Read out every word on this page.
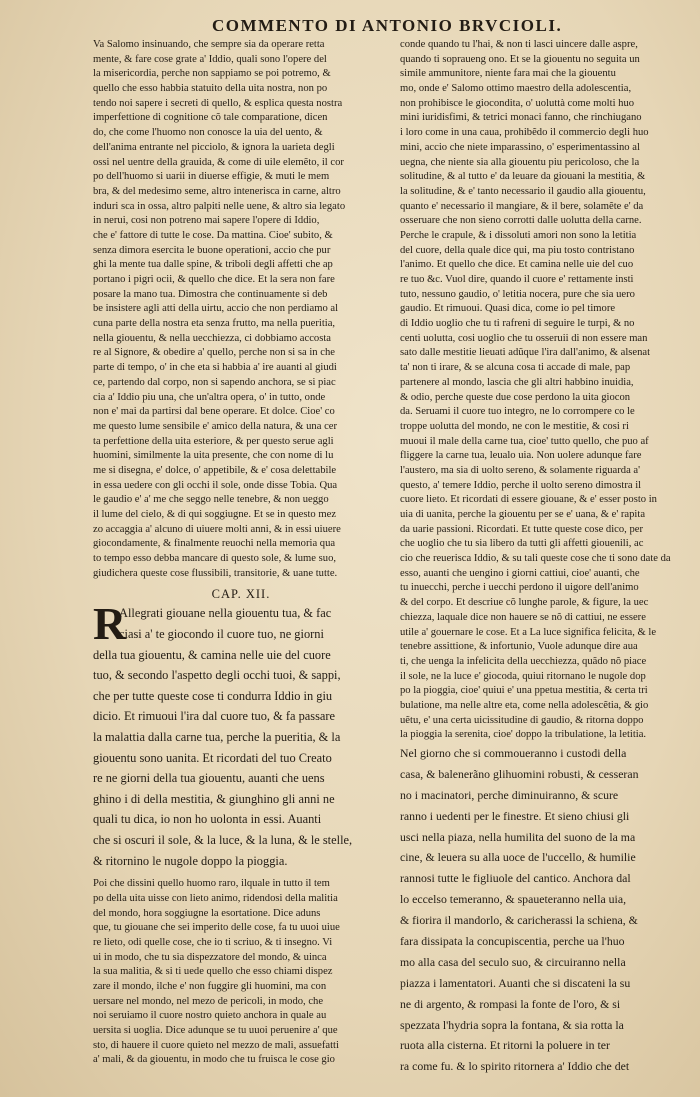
COMMENTO DI ANTONIO BRVCIOLI.
Va Salomo insinuando, che sempre sia da operare retta
mente, & fare cose grate a' Iddio, quali sono l'opere del
la misericordia, perche non sappiamo se poi potremo, &
quello che esso habbia statuito della uita nostra, non po
tendo noi sapere i secreti di quello, & esplica questa nostra
imperfettione di cognitione cõ tale comparatione, dicen
do, che come l'huomo non conosce la uia del uento, &
dell'anima entrante nel picciolo, & ignora la uarieta degli
ossi nel uentre della grauida, & come di uile elemẽto, il cor
po dell'huomo si uarii in diuerse effigie, & muti le mem
bra, & del medesimo seme, altro intenerisca in carne, altro
induri sca in ossa, altro palpiti nelle uene, & altro sia legato
in nerui, cosi non potreno mai sapere l'opere di Iddio,
che e' fattore di tutte le cose. Da mattina. Cioe' subito, &
senza dimora esercita le buone operationi, accio che pur
ghi la mente tua dalle spine, & triboli degli affetti che ap
portano i pigri ocii, & quello che dice. Et la sera non fare
posare la mano tua. Dimostra che continuamente si deb
be insistere agli atti della uirtu, accio che non perdiamo al
cuna parte della nostra eta senza frutto, ma nella pueritia,
nella giouentu, & nella uecchiezza, ci dobbiamo accosta
re al Signore, & obedire a' quello, perche non si sa in che
parte di tempo, o' in che eta si habbia a' ire auanti al giudi
ce, partendo dal corpo, non si sapendo anchora, se si piac
cia a' Iddio piu una, che un'altra opera, o' in tutto, onde
non e' mai da partirsi dal bene operare. Et dolce. Cioe' co
me questo lume sensibile e' amico della natura, & una cer
ta perfettione della uita esteriore, & per questo serue agli
huomini, similmente la uita presente, che con nome di lu
me si disegna, e' dolce, o' appetibile, & e' cosa delettabile
in essa uedere con gli occhi il sole, onde disse Tobia. Qua
le gaudio e' a' me che seggo nelle tenebre, & non ueggo
il lume del cielo, & di qui soggiugne. Et se in questo mez
zo accaggia a' alcuno di uiuere molti anni, & in essi uiuere
giocondamente, & finalmente reuochi nella memoria qua
to tempo esso debba mancare di questo sole, & lume suo,
giudichera queste cose flussibili, transitorie, & uane tutte.
CAP. XII.
R
Allegrati giouane nella giouentu tua, & fac
ciasi a' te giocondo il cuore tuo, ne giorni
della tua giouentu, & camina nelle uie del cuore
tuo, & secondo l'aspetto degli occhi tuoi, & sappi,
che per tutte queste cose ti condurra Iddio in giu
dicio. Et rimuoui l'ira dal cuore tuo, & fa passare
la malattia dalla carne tua, perche la pueritia, & la
giouentu sono uanita. Et ricordati del tuo Creato
re ne giorni della tua giouentu, auanti che uens
ghino i di della mestitia, & giunghino gli anni ne
quali tu dica, io non ho uolonta in essi. Auanti
che si oscuri il sole, & la luce, & la luna, & le stelle,
& ritornino le nugole doppo la pioggia.
Poi che dissini quello huomo raro, ilquale in tutto il tem
po della uita uisse con lieto animo, ridendosi della malitia
del mondo, hora soggiugne la esortatione. Dice aduns
que, tu giouane che sei imperito delle cose, fa tu uuoi uiue
re lieto, odi quelle cose, che io ti scriuo, & ti insegno. Vi
ui in modo, che tu sia dispezzatore del mondo, & uinca
la sua malitia, & si ti uede quello che esso chiami dispez
zare il mondo, ilche e' non fuggire gli huomini, ma con
uersare nel mondo, nel mezo de pericoli, in modo, che
noi seruiamo il cuore nostro quieto anchora in quale au
uersita si uoglia. Dice adunque se tu uuoi peruenire a' que
sto, di hauere il cuore quieto nel mezzo de mali, assuefatti
a' mali, & da giouentu, in modo che tu fruisca le cose gio
conde quando tu l'hai, & non ti lasci uincere dalle aspre,
quando ti sopraueng ono. Et se la giouentu no seguita un
simile ammunitore, niente fara mai che la giouentu
mo, onde e' Salomo ottimo maestro della adolescentia,
non prohibisce le giocondita, o' uoluttà come molti huo
mini iuridisfimi, & tetrici monaci fanno, che rinchiugano
i loro come in una caua, prohibẽdo il commercio degli huo
mini, accio che niete imparassino, o' esperimentassino al
uegna, che niente sia alla giouentu piu pericoloso, che la
solitudine, & al tutto e' da leuare da giouani la mestitia, &
la solitudine, & e' tanto necessario il gaudio alla giouentu,
quanto e' necessario il mangiare, & il bere, solamẽte e' da
osseruare che non sieno corrotti dalle uolutta della carne.
Perche le crapule, & i dissoluti amori non sono la letitia
del cuore, della quale dice qui, ma piu tosto contristano
l'animo. Et quello che dice. Et camina nelle uie del cuo
re tuo &c. Vuol dire, quando il cuore e' rettamente insti
tuto, nessuno gaudio, o' letitia nocera, pure che sia uero
gaudio. Et rimuoui. Quasi dica, come io pel timore
di Iddio uoglio che tu ti rafreni di seguire le turpi, & no
centi uolutta, cosi uoglio che tu osseruii di non essere man
sato dalle mestitie lieuati adũque l'ira dall'animo, & alsenat
ta' non ti irare, & se alcuna cosa ti accade di male, pap
partenere al mondo, lascia che gli altri habbino inuidia,
& odio, perche queste due cose perdono la uita giocon
da. Seruami il cuore tuo integro, ne lo corrompere co le
troppe uolutta del mondo, ne con le mestitie, & cosi ri
muoui il male della carne tua, cioe' tutto quello, che puo af
fliggere la carne tua, leualo uia. Non uolere adunque fare
l'austero, ma sia di uolto sereno, & solamente riguarda a'
questo, a' temere Iddio, perche il uolto sereno dimostra il
cuore lieto. Et ricordati di essere giouane, & e' esser posto in
uia di uanita, perche la giouentu per se e' uana, & e' rapita
da uarie passioni. Ricordati. Et tutte queste cose dico, per
che uoglio che tu sia libero da tutti gli affetti giouenili, ac
cio che reuerisca Iddio, & su tali queste cose che ti sono date da
esso, auanti che uengino i giorni cattiui, cioe' auanti, che
tu inuecchi, perche i uecchi perdono il uigore dell'animo
& del corpo. Et descriue cõ lunghe parole, & figure, la uec
chiezza, laquale dice non hauere se nõ di cattiui, ne essere
utile a' gouernare le cose. Et a La luce significa felicita, & le
tenebre assittione, & infortunio, Vuole adunque dire aua
ti, che uenga la infelicita della uecchiezza, quãdo nõ piace
il sole, ne la luce e' giocoda, quiui ritornano le nugole dop
po la pioggia, cioe' quiui e' una ppetua mestitia, & certa tri
bulatione, ma nelle altre eta, come nella adolescẽtia, & gio
uẽtu, e' una certa uicissitudine di gaudio, & ritorna doppo
la pioggia la serenita, cioe' doppo la tribulatione, la letitia.
Nel giorno che si commoueranno i custodi della
casa, & balenerãno glihuomini robusti, & cesseran
no i macinatori, perche diminuiranno, & scure
ranno i uedenti per le finestre. Et sieno chiusi gli
usci nella piaza, nella humilita del suono de la ma
cine, & leuera su alla uoce de l'uccello, & humilie
rannosi tutte le figliuole del cantico. Anchora dal
lo eccelso temeranno, & spaueteranno nella uia,
& fiorira il mandorlo, & caricherassi la schiena, &
fara dissipata la concupiscentia, perche ua l'huo
mo alla casa del seculo suo, & circuiranno nella
piazza i lamentatori. Auanti che si discateni la su
ne di argento, & rompasi la fonte de l'oro, & si
spezzata l'hydria sopra la fontana, & sia rotta la
ruota alla cisterna. Et ritorni la poluere in ter
ra come fu. & lo spirito ritornera a' Iddio che det
